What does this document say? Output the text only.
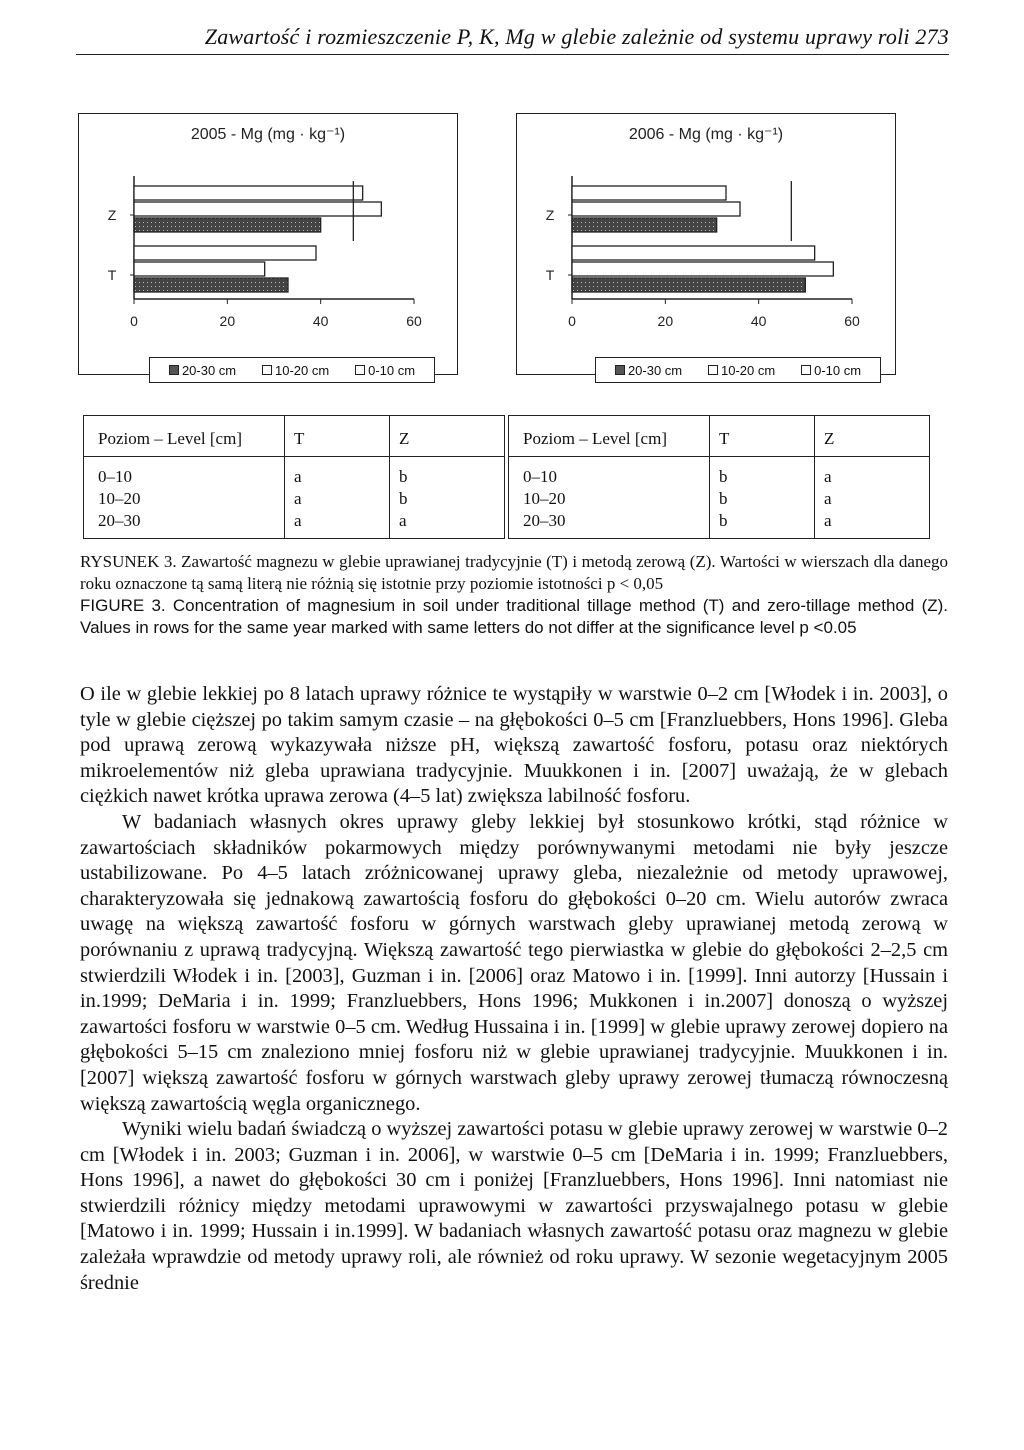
Zawartość i rozmieszczenie P, K, Mg w glebie zależnie od systemu uprawy roli 273
2005 - Mg (mg · kg⁻¹)
0	20	40	60
Z
T
20-30 cm	10-20 cm	0-10 cm
2006 - Mg (mg · kg⁻¹)
0	20	40	60
Z
T
20-30 cm	10-20 cm	0-10 cm
Poziom – Level [cm]	T	Z
0–10	a	b
10–20	a	b
20–30	a	a
Poziom – Level [cm]	T	Z
0–10	b	a
10–20	b	a
20–30	b	a

RYSUNEK 3. Zawartość magnezu w glebie uprawianej tradycyjnie (T) i metodą zerową (Z). Wartości w wierszach dla danego roku oznaczone tą samą literą nie różnią się istotnie przy poziomie istotności p < 0,05

FIGURE 3. Concentration of magnesium in soil under traditional tillage method (T) and zero-tillage method (Z). Values in rows for the same year marked with same letters do not differ at the significance level p <0.05

O ile w glebie lekkiej po 8 latach uprawy różnice te wystąpiły w warstwie 0–2 cm [Włodek i in. 2003], o tyle w glebie cięższej po takim samym czasie – na głębokości 0–5 cm [Franzluebbers, Hons 1996]. Gleba pod uprawą zerową wykazywała niższe pH, większą zawartość fosforu, potasu oraz niektórych mikroelementów niż gleba uprawiana tradycyjnie. Muukkonen i in. [2007] uważają, że w glebach ciężkich nawet krótka uprawa zerowa (4–5 lat) zwiększa labilność fosforu.

W badaniach własnych okres uprawy gleby lekkiej był stosunkowo krótki, stąd różnice w zawartościach składników pokarmowych między porównywanymi metodami nie były jeszcze ustabilizowane. Po 4–5 latach zróżnicowanej uprawy gleba, niezależnie od metody uprawowej, charakteryzowała się jednakową zawartością fosforu do głębokości 0–20 cm. Wielu autorów zwraca uwagę na większą zawartość fosforu w górnych warstwach gleby uprawianej metodą zerową w porównaniu z uprawą tradycyjną. Większą zawartość tego pierwiastka w glebie do głębokości 2–2,5 cm stwierdzili Włodek i in. [2003], Guzman i in. [2006] oraz Matowo i in. [1999]. Inni autorzy [Hussain i in.1999; DeMaria i in. 1999; Franzluebbers, Hons 1996; Mukkonen i in.2007] donoszą o wyższej zawartości fosforu w warstwie 0–5 cm. Według Hussaina i in. [1999] w glebie uprawy zerowej dopiero na głębokości 5–15 cm znaleziono mniej fosforu niż w glebie uprawianej tradycyjnie. Muukkonen i in. [2007] większą zawartość fosforu w górnych warstwach gleby uprawy zerowej tłumaczą równoczesną większą zawartością węgla organicznego.

Wyniki wielu badań świadczą o wyższej zawartości potasu w glebie uprawy zerowej w warstwie 0–2 cm [Włodek i in. 2003; Guzman i in. 2006], w warstwie 0–5 cm [DeMaria i in. 1999; Franzluebbers, Hons 1996], a nawet do głębokości 30 cm i poniżej [Franzluebbers, Hons 1996]. Inni natomiast nie stwierdzili różnicy między metodami uprawowymi w zawartości przyswajalnego potasu w glebie [Matowo i in. 1999; Hussain i in.1999]. W badaniach własnych zawartość potasu oraz magnezu w glebie zależała wprawdzie od metody uprawy roli, ale również od roku uprawy. W sezonie wegetacyjnym 2005 średnie
